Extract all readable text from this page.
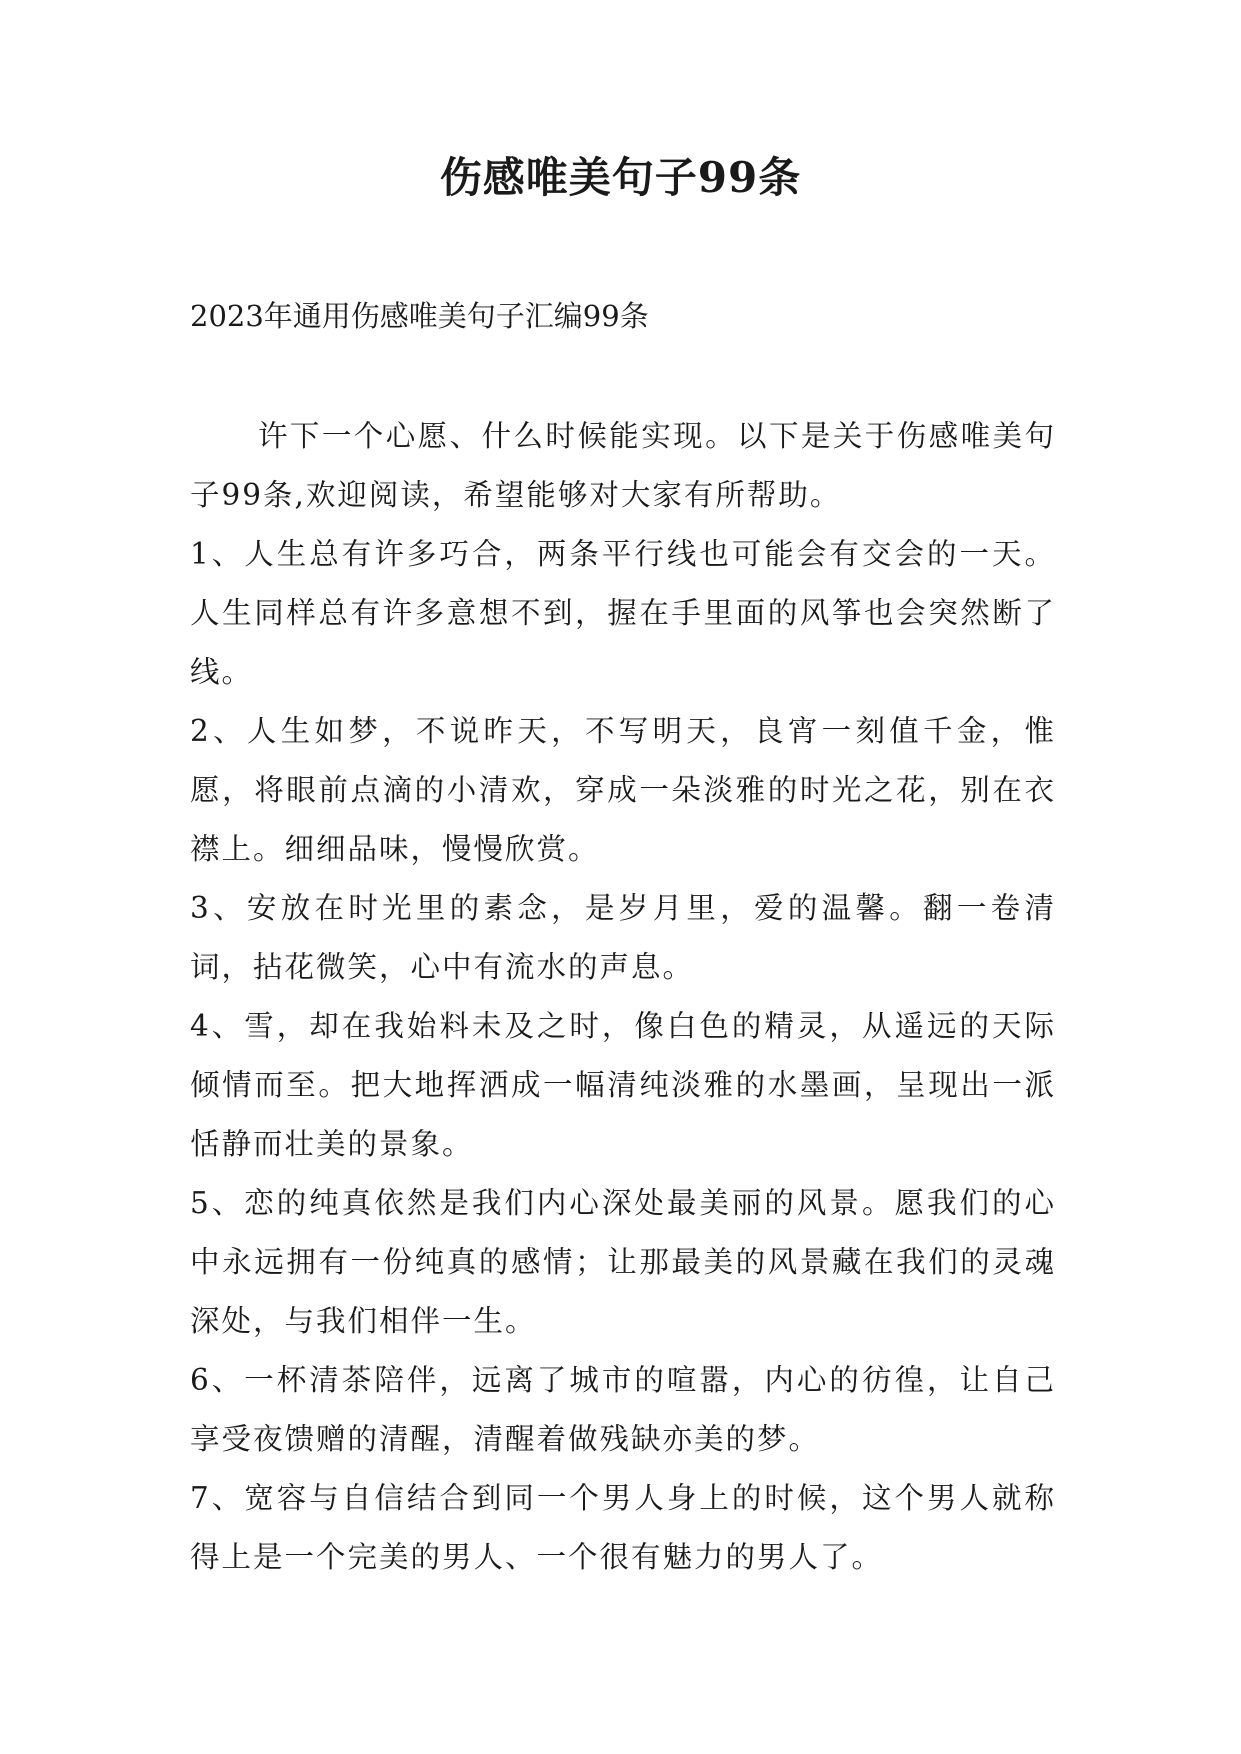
伤感唯美句子99条

2023年通用伤感唯美句子汇编99条

许下一个心愿、什么时候能实现。以下是关于伤感唯美句子99条,欢迎阅读，希望能够对大家有所帮助。

1、人生总有许多巧合，两条平行线也可能会有交会的一天。人生同样总有许多意想不到，握在手里面的风筝也会突然断了线。

2、人生如梦，不说昨天，不写明天，良宵一刻值千金，惟愿，将眼前点滴的小清欢，穿成一朵淡雅的时光之花，别在衣襟上。细细品味，慢慢欣赏。

3、安放在时光里的素念，是岁月里，爱的温馨。翻一卷清词，拈花微笑，心中有流水的声息。

4、雪，却在我始料未及之时，像白色的精灵，从遥远的天际倾情而至。把大地挥洒成一幅清纯淡雅的水墨画，呈现出一派恬静而壮美的景象。

5、恋的纯真依然是我们内心深处最美丽的风景。愿我们的心中永远拥有一份纯真的感情；让那最美的风景藏在我们的灵魂深处，与我们相伴一生。

6、一杯清茶陪伴，远离了城市的喧嚣，内心的彷徨，让自己享受夜馈赠的清醒，清醒着做残缺亦美的梦。

7、宽容与自信结合到同一个男人身上的时候，这个男人就称得上是一个完美的男人、一个很有魅力的男人了。
